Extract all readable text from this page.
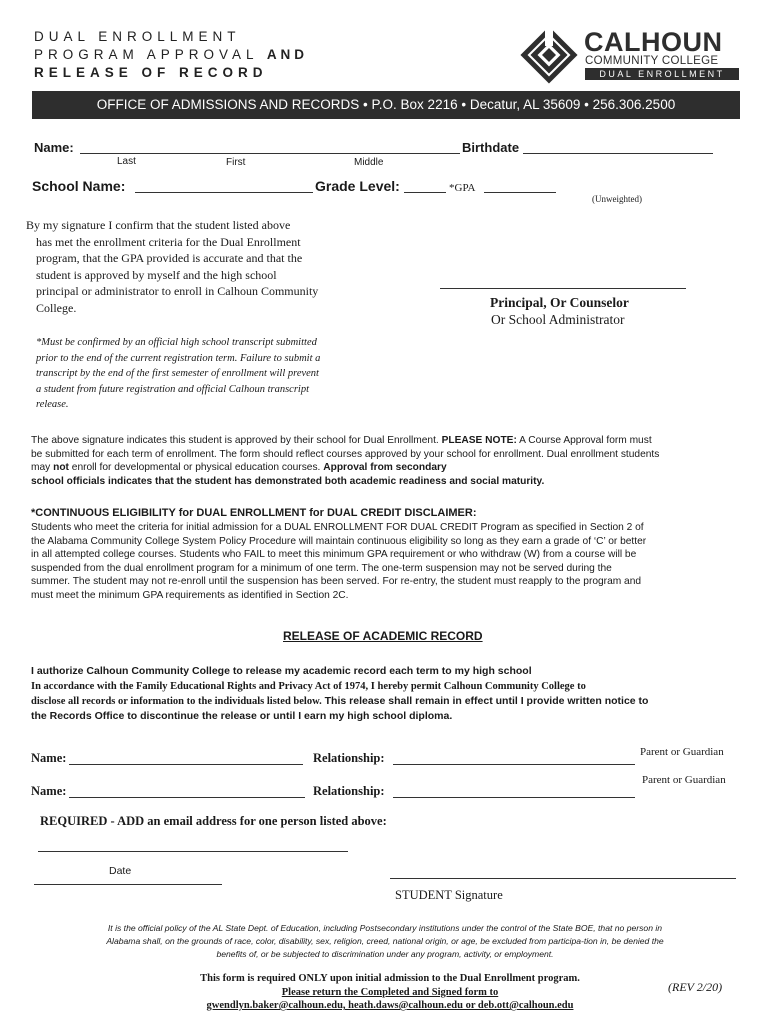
DUAL ENROLLMENT
PROGRAM APPROVAL AND
RELEASE OF RECORD
CALHOUN
COMMUNITY COLLEGE
DUAL ENROLLMENT
OFFICE OF ADMISSIONS AND RECORDS • P.O. Box 2216 • Decatur, AL 35609 • 256.306.2500
Name:	Birthdate
Last	First	Middle
School Name:	Grade Level:	*GPA
(Unweighted)
By my signature I confirm that the student listed above
has met the enrollment criteria for the Dual Enrollment
program, that the GPA provided is accurate and that the
student is approved by myself and the high school
principal or administrator to enroll in Calhoun Community
College.	Principal, Or Counselor
Or School Administrator
*Must be confirmed by an official high school transcript submitted
prior to the end of the current registration term. Failure to submit a
transcript by the end of the first semester of enrollment will prevent
a student from future registration and official Calhoun transcript
release.
The above signature indicates this student is approved by their school for Dual Enrollment. PLEASE NOTE: A Course Approval form must
be submitted for each term of enrollment. The form should reflect courses approved by your school for enrollment. Dual enrollment students
may not enroll for developmental or physical education courses. Approval from secondary
school officials indicates that the student has demonstrated both academic readiness and social maturity.
*CONTINUOUS ELIGIBILITY for DUAL ENROLLMENT for DUAL CREDIT DISCLAIMER:
Students who meet the criteria for initial admission for a DUAL ENROLLMENT FOR DUAL CREDIT Program as specified in Section 2 of
the Alabama Community College System Policy Procedure will maintain continuous eligibility so long as they earn a grade of ‘C’ or better
in all attempted college courses. Students who FAIL to meet this minimum GPA requirement or who withdraw (W) from a course will be
suspended from the dual enrollment program for a minimum of one term. The one-term suspension may not be served during the
summer. The student may not re-enroll until the suspension has been served. For re-entry, the student must reapply to the program and
must meet the minimum GPA requirements as identified in Section 2C.
RELEASE OF ACADEMIC RECORD
I authorize Calhoun Community College to release my academic record each term to my high school
In accordance with the Family Educational Rights and Privacy Act of 1974, I hereby permit Calhoun Community College to
disclose all records or information to the individuals listed below. This release shall remain in effect until I provide written notice to
the Records Office to discontinue the release or until I earn my high school diploma.
Name:	Relationship:	Parent or Guardian
Name:	Relationship:
Parent or Guardian
REQUIRED - ADD an email address for one person listed above:
Date
STUDENT Signature
It is the official policy of the AL State Dept. of Education, including Postsecondary institutions under the control of the State BOE, that no person in
Alabama shall, on the grounds of race, color, disability, sex, religion, creed, national origin, or age, be excluded from participa-tion in, be denied the
benefits of, or be subjected to discrimination under any program, activity, or employment.
This form is required ONLY upon initial admission to the Dual Enrollment program.
Please return the Completed and Signed form to
gwendlyn.baker@calhoun.edu, heath.daws@calhoun.edu or deb.ott@calhoun.edu
(REV 2/20)
